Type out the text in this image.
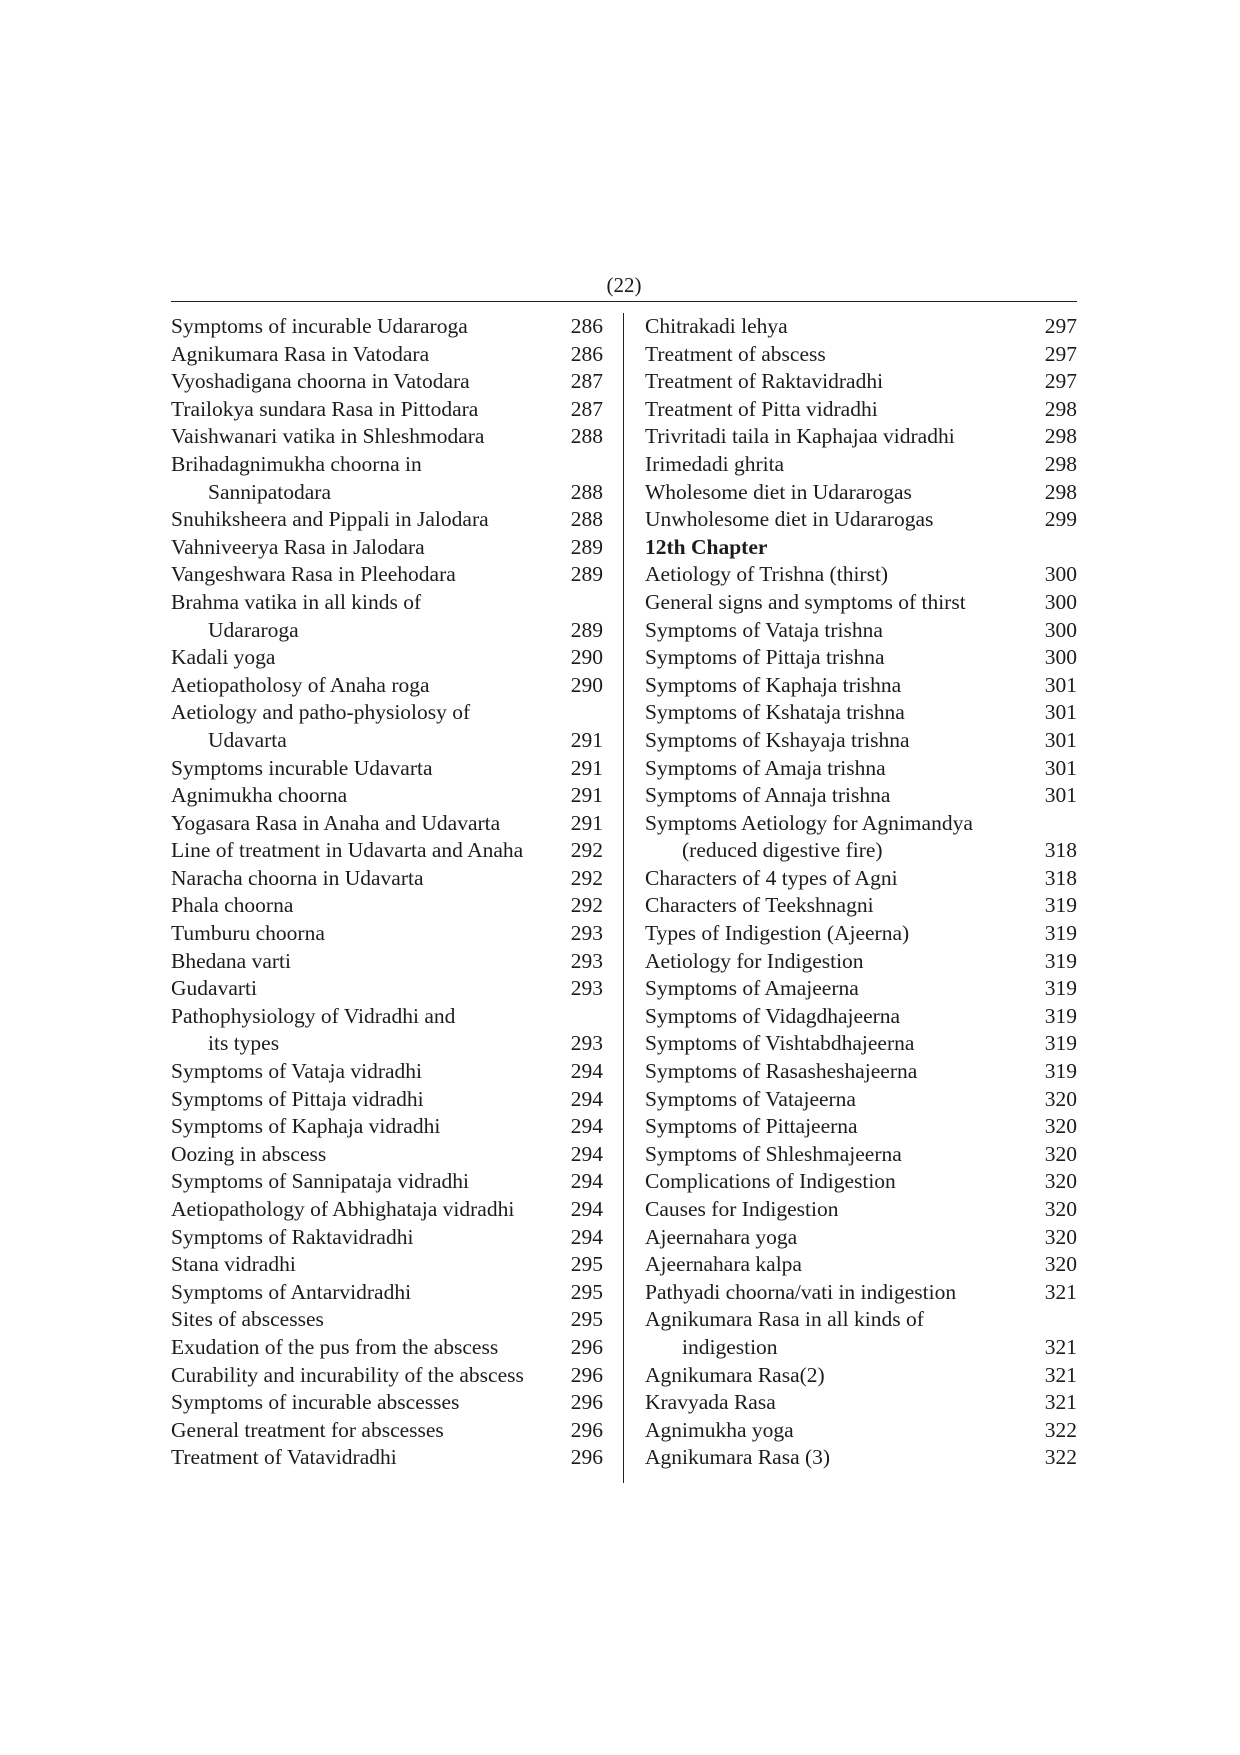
(22)
Symptoms of incurable Udararoga	286
Agnikumara Rasa in Vatodara	286
Vyoshadigana choorna in Vatodara	287
Trailokya sundara Rasa in Pittodara	287
Vaishwanari vatika in Shleshmodara	288
Brihadagnimukha choorna in
Sannipatodara	288
Snuhiksheera and Pippali in Jalodara	288
Vahniveerya Rasa in Jalodara	289
Vangeshwara Rasa in Pleehodara	289
Brahma vatika in all kinds of
Udararoga	289
Kadali yoga	290
Aetiopatholosy of Anaha roga	290
Aetiology and patho-physiolosy of
Udavarta	291
Symptoms incurable Udavarta	291
Agnimukha choorna	291
Yogasara Rasa in Anaha and Udavarta	291
Line of treatment in Udavarta and Anaha	292
Naracha choorna in Udavarta	292
Phala choorna	292
Tumburu choorna	293
Bhedana varti	293
Gudavarti	293
Pathophysiology of Vidradhi and
its types	293
Symptoms of Vataja vidradhi	294
Symptoms of Pittaja vidradhi	294
Symptoms of Kaphaja vidradhi	294
Oozing in abscess	294
Symptoms of Sannipataja vidradhi	294
Aetiopathology of Abhighataja vidradhi	294
Symptoms of Raktavidradhi	294
Stana vidradhi	295
Symptoms of Antarvidradhi	295
Sites of abscesses	295
Exudation of the pus from the abscess	296
Curability and incurability of the abscess	296
Symptoms of incurable abscesses	296
General treatment for abscesses	296
Treatment of Vatavidradhi	296
Chitrakadi lehya	297
Treatment of abscess	297
Treatment of Raktavidradhi	297
Treatment of Pitta vidradhi	298
Trivritadi taila in Kaphajaa vidradhi	298
Irimedadi ghrita	298
Wholesome diet in Udararogas	298
Unwholesome diet in Udararogas	299
12th Chapter
Aetiology of Trishna (thirst)	300
General signs and symptoms of thirst	300
Symptoms of Vataja trishna	300
Symptoms of Pittaja trishna	300
Symptoms of Kaphaja trishna	301
Symptoms of Kshataja trishna	301
Symptoms of Kshayaja trishna	301
Symptoms of Amaja trishna	301
Symptoms of Annaja trishna	301
Symptoms Aetiology for Agnimandya
(reduced digestive fire)	318
Characters of 4 types of Agni	318
Characters of Teekshnagni	319
Types of Indigestion (Ajeerna)	319
Aetiology for Indigestion	319
Symptoms of Amajeerna	319
Symptoms of Vidagdhajeerna	319
Symptoms of Vishtabdhajeerna	319
Symptoms of Rasasheshajeerna	319
Symptoms of Vatajeerna	320
Symptoms of Pittajeerna	320
Symptoms of Shleshmajeerna	320
Complications of Indigestion	320
Causes for Indigestion	320
Ajeernahara yoga	320
Ajeernahara kalpa	320
Pathyadi choorna/vati in indigestion	321
Agnikumara Rasa in all kinds of
indigestion	321
Agnikumara Rasa(2)	321
Kravyada Rasa	321
Agnimukha yoga	322
Agnikumara Rasa (3)	322
